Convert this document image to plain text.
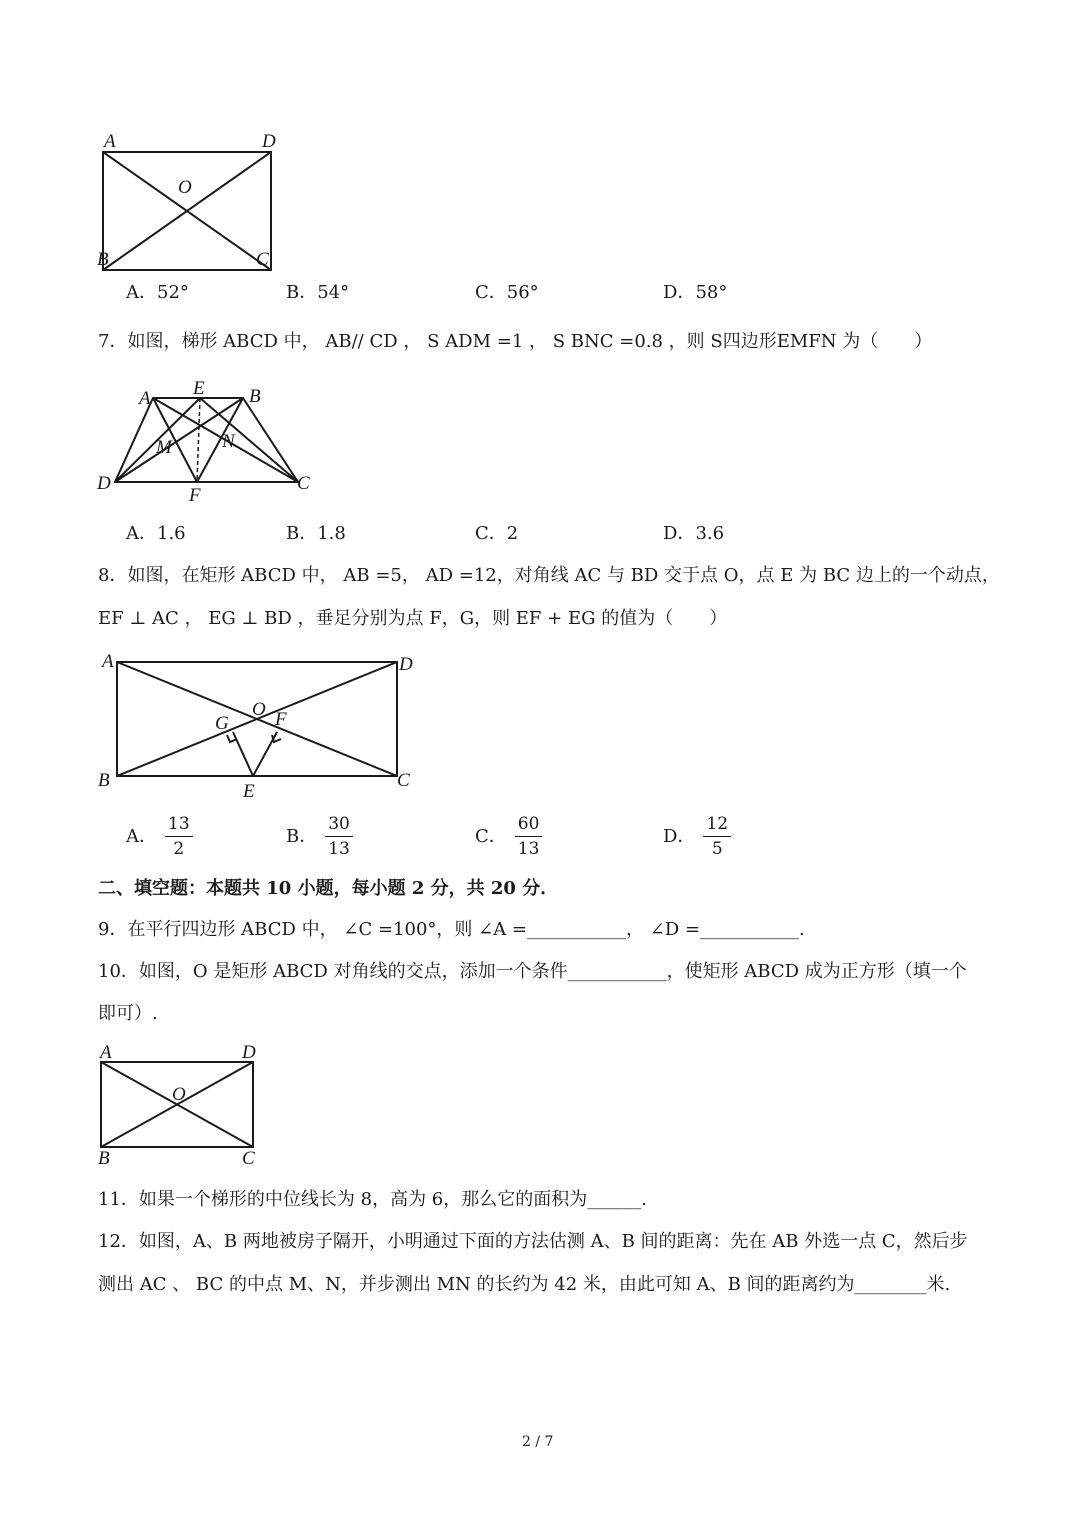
A	D
O
B	C
A．52°	B．54°	C．56°	D．58°
7．如图，梯形 ABCD 中， AB// CD ， S ADM =1 ， S BNC =0.8 ，则 S四边形EMFN 为（　　）
A E B
M	N
D
F
C
A．1.6	B．1.8	C．2	D．3.6
8．如图，在矩形 ABCD 中， AB =5， AD =12，对角线 AC 与 BD 交于点 O，点 E 为 BC 边上的一个动点，
EF ⊥ AC ， EG ⊥ BD ，垂足分别为点 F，G，则 EF + EG 的值为（　　）
A	D
O
G F
B
E
C
A． $\frac{13}{2}$	B． $\frac{30}{13}$	C． $\frac{60}{13}$	D． $\frac{12}{5}$
二、填空题：本题共 10 小题，每小题 2 分，共 20 分．
9．在平行四边形 ABCD 中， ∠C =100°，则 ∠A =___________， ∠D =___________.
10．如图，O 是矩形 ABCD 对角线的交点，添加一个条件___________，使矩形 ABCD 成为正方形（填一个
即可）.
A	D
O
B	C
11．如果一个梯形的中位线长为 8，高为 6，那么它的面积为______.
12．如图，A、B 两地被房子隔开，小明通过下面的方法估测 A、B 间的距离：先在 AB 外选一点 C，然后步
测出 AC 、 BC 的中点 M、N，并步测出 MN 的长约为 42 米，由此可知 A、B 间的距离约为________米.
2 / 7
